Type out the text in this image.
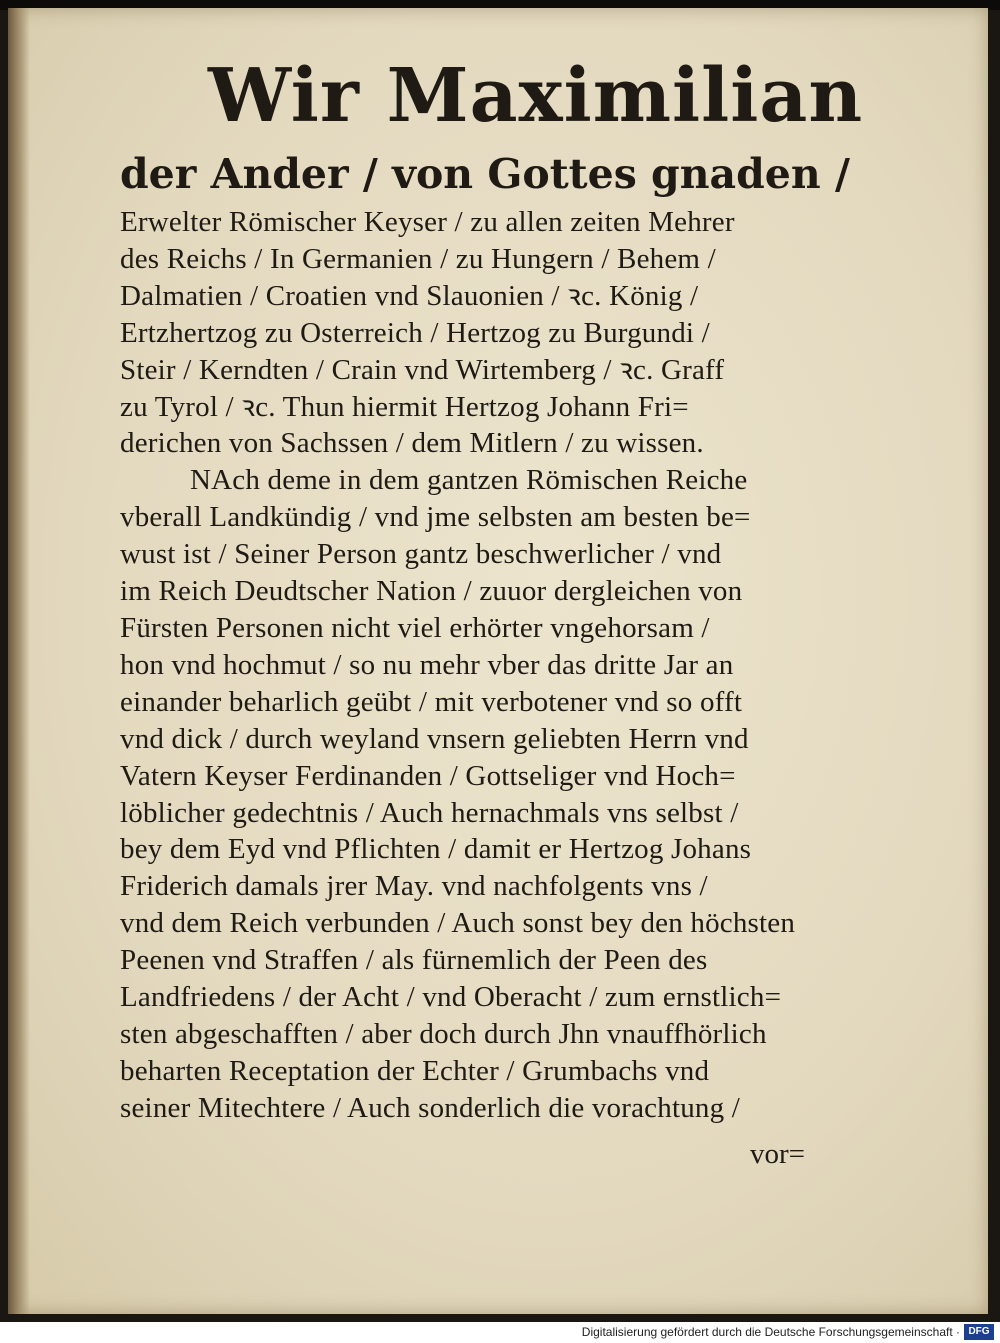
Wir Maximilian
der Ander / von Gottes gnaden /
Erwelter Römischer Keyser / zu allen zeiten Mehrer
des Reichs / In Germanien / zu Hungern / Behem /
Dalmatien / Croatien vnd Slauonien / ꝛc. König /
Ertzhertzog zu Osterreich / Hertzog zu Burgundi /
Steir / Kerndten / Crain vnd Wirtemberg / ꝛc. Graff
zu Tyrol / ꝛc. Thun hiermit Hertzog Johann Fri=
derichen von Sachssen / dem Mitlern / zu wissen.
NAch deme in dem gantzen Römischen Reiche
vberall Landkündig / vnd jme selbsten am besten be=
wust ist / Seiner Person gantz beschwerlicher / vnd
im Reich Deudtscher Nation / zuuor dergleichen von
Fürsten Personen nicht viel erhörter vngehorsam /
hon vnd hochmut / so nu mehr vber das dritte Jar an
einander beharlich geübt / mit verbotener vnd so offt
vnd dick / durch weyland vnsern geliebten Herrn vnd
Vatern Keyser Ferdinanden / Gottseliger vnd Hoch=
löblicher gedechtnis / Auch hernachmals vns selbst /
bey dem Eyd vnd Pflichten / damit er Hertzog Johans
Friderich damals jrer May. vnd nachfolgents vns /
vnd dem Reich verbunden / Auch sonst bey den höchsten
Peenen vnd Straffen / als fürnemlich der Peen des
Landfriedens / der Acht / vnd Oberacht / zum ernstlich=
sten abgeschafften / aber doch durch Jhn vnauffhörlich
beharten Receptation der Echter / Grumbachs vnd
seiner Mitechtere / Auch sonderlich die vorachtung /
vor=
Digitalisierung gefördert durch die Deutsche Forschungsgemeinschaft · DFG
